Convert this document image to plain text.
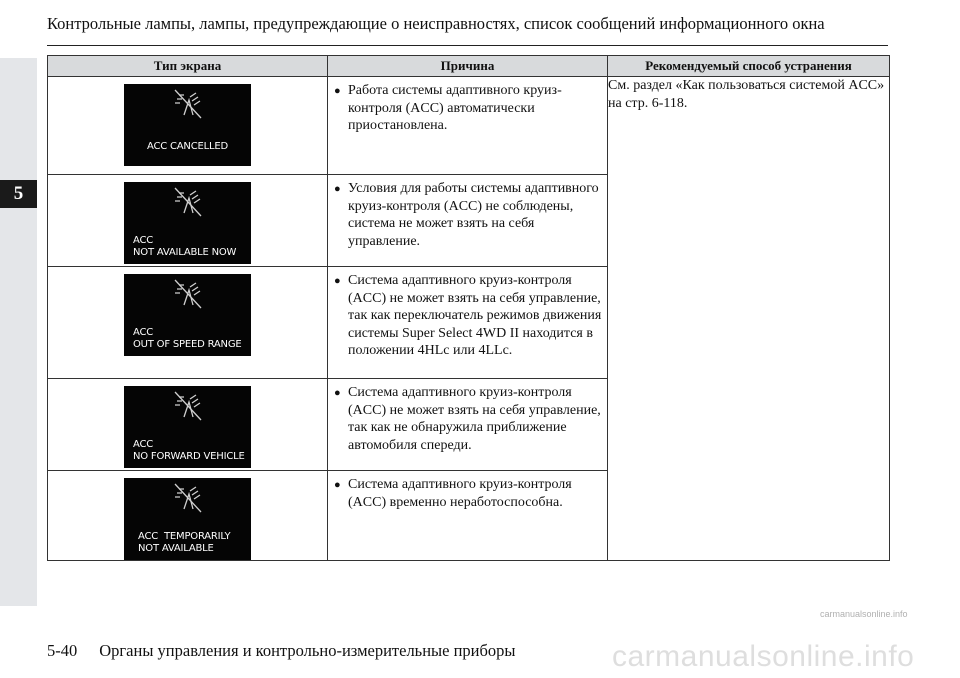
5
Контрольные лампы, лампы, предупреждающие о неисправностях, список сообщений информационного окна
Тип экрана	Причина	Рекомендуемый способ устранения

ACC CANCELLED	● Работа системы адаптивного круиз-контроля (ACC) автоматически приостановлена.	См. раздел «Как пользоваться системой ACC» на стр. 6-118.

ACC
NOT AVAILABLE NOW	● Условия для работы системы адаптивного круиз-контроля (ACC) не соблюдены, система не может взять на себя управление.	

ACC
OUT OF SPEED RANGE	● Система адаптивного круиз-контроля (ACC) не может взять на себя управление, так как переключатель режимов движения системы Super Select 4WD II находится в положении 4HLc или 4LLc.	

ACC
NO FORWARD VEHICLE	● Система адаптивного круиз-контроля (ACC) не может взять на себя управление, так как не обнаружила приближение автомобиля спереди.	

ACC  TEMPORARILY
NOT AVAILABLE	● Система адаптивного круиз-контроля (ACC) временно неработоспособна.	
5-40 Органы управления и контрольно-измерительные приборы
carmanualsonline.info
carmanualsonline.info
